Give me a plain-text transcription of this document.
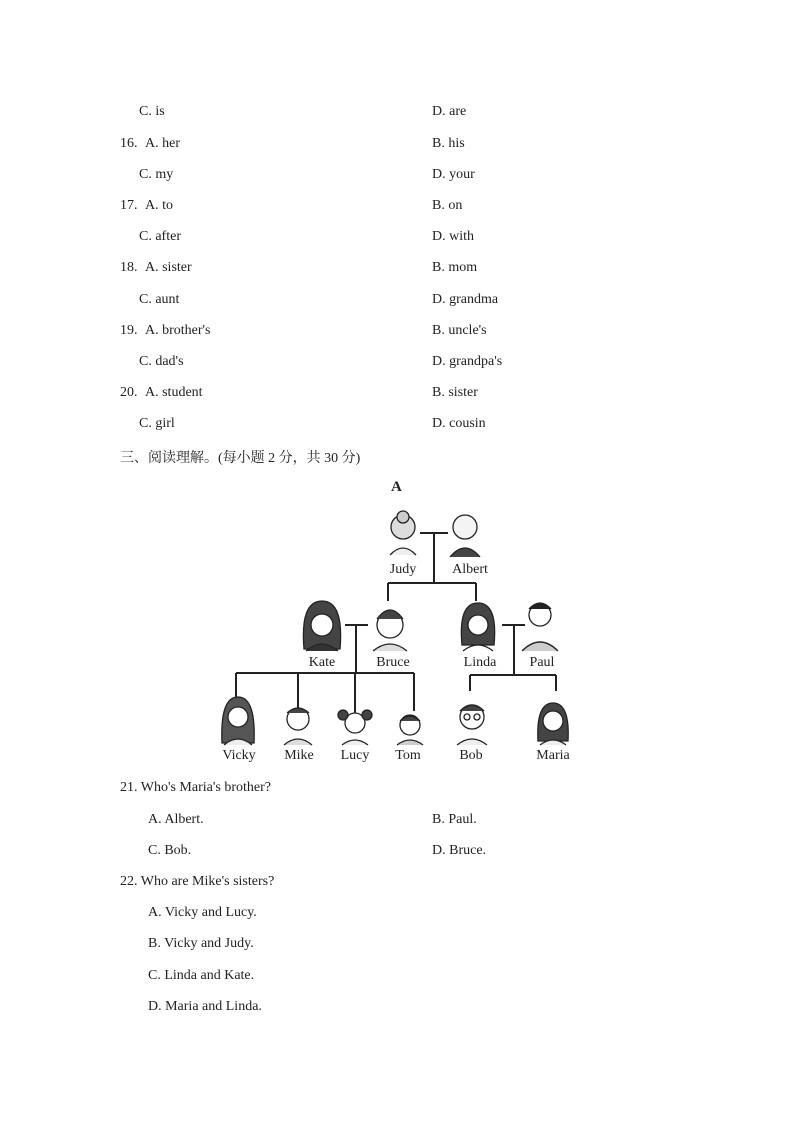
C. is	D. are
16. A. her	B. his
C. my	D. your
17. A. to	B. on
C. after	D. with
18. A. sister	B. mom
C. aunt	D. grandma
19. A. brother's	B. uncle's
C. dad's	D. grandpa's
20. A. student	B. sister
C. girl	D. cousin
三、阅读理解。(每小题 2 分，共 30 分)
A
Judy	Albert
Kate	Bruce	Linda Paul
Vicky Mike Lucy Tom	Bob	Maria
21. Who's Maria's brother?
A. Albert.	B. Paul.
C. Bob.	D. Bruce.
22. Who are Mike's sisters?
A. Vicky and Lucy.
B. Vicky and Judy.
C. Linda and Kate.
D. Maria and Linda.
